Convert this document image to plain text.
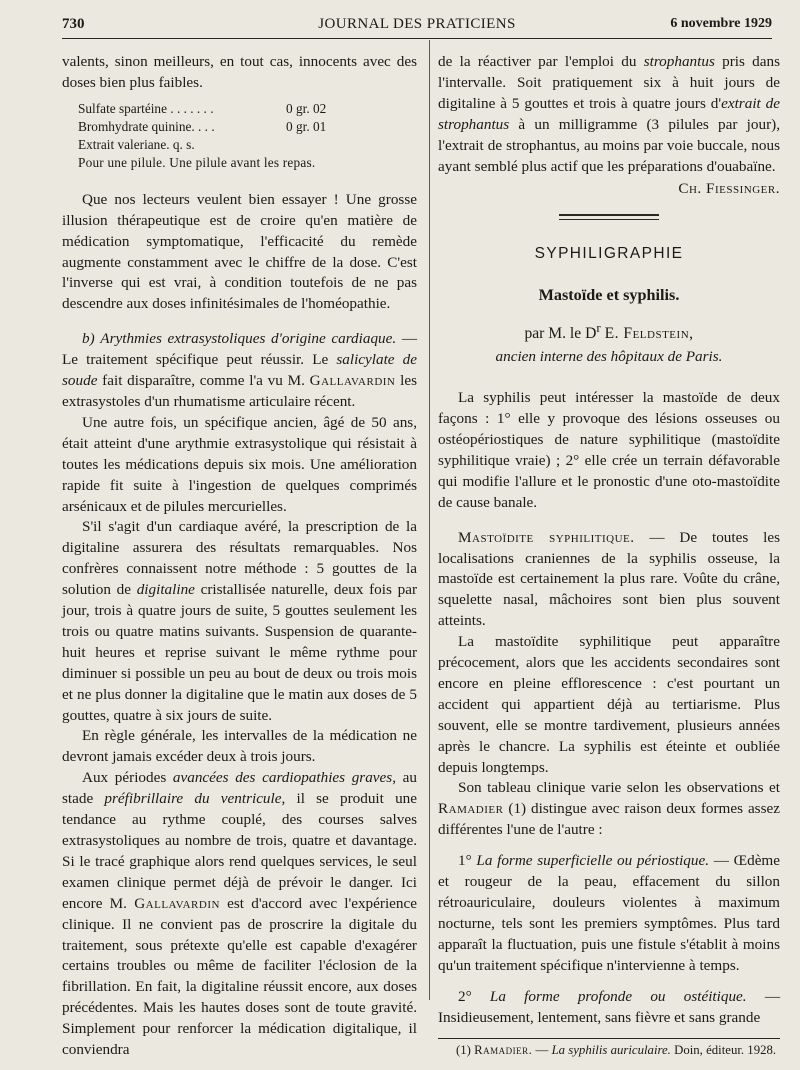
730	JOURNAL DES PRATICIENS	6 novembre 1929

valents, sinon meilleurs, en tout cas, innocents avec des doses bien plus faibles.

Sulfate spartéine . . . . . . .	0 gr. 02
Bromhydrate quinine. . . .	0 gr. 01
Extrait valeriane. q. s.
Pour une pilule. Une pilule avant les repas.

Que nos lecteurs veulent bien essayer ! Une grosse illusion thérapeutique est de croire qu'en matière de médication symptomatique, l'efficacité du remède augmente constamment avec le chiffre de la dose. C'est l'inverse qui est vrai, à condition toutefois de ne pas descendre aux doses infinitésimales de l'homéopathie.

b) Arythmies extrasystoliques d'origine cardiaque. — Le traitement spécifique peut réussir. Le salicylate de soude fait disparaître, comme l'a vu M. Gallavardin les extrasystoles d'un rhumatisme articulaire récent.

Une autre fois, un spécifique ancien, âgé de 50 ans, était atteint d'une arythmie extrasystolique qui résistait à toutes les médications depuis six mois. Une amélioration rapide fit suite à l'ingestion de quelques comprimés arsénicaux et de pilules mercurielles.

S'il s'agit d'un cardiaque avéré, la prescription de la digitaline assurera des résultats remarquables. Nos confrères connaissent notre méthode : 5 gouttes de la solution de digitaline cristallisée naturelle, deux fois par jour, trois à quatre jours de suite, 5 gouttes seulement les trois ou quatre matins suivants. Suspension de quarante-huit heures et reprise suivant le même rythme pour diminuer si possible un peu au bout de deux ou trois mois et ne plus donner la digitaline que le matin aux doses de 5 gouttes, quatre à six jours de suite.

En règle générale, les intervalles de la médication ne devront jamais excéder deux à trois jours.

Aux périodes avancées des cardiopathies graves, au stade préfibrillaire du ventricule, il se produit une tendance au rythme couplé, des courses salves extrasystoliques au nombre de trois, quatre et davantage. Si le tracé graphique alors rend quelques services, le seul examen clinique permet déjà de prévoir le danger. Ici encore M. Gallavardin est d'accord avec l'expérience clinique. Il ne convient pas de proscrire la digitale du traitement, sous prétexte qu'elle est capable d'exagérer certains troubles ou même de faciliter l'éclosion de la fibrillation. En fait, la digitaline réussit encore, aux doses précédentes. Mais les hautes doses sont de toute gravité. Simplement pour renforcer la médication digitalique, il conviendra

de la réactiver par l'emploi du strophantus pris dans l'intervalle. Soit pratiquement six à huit jours de digitaline à 5 gouttes et trois à quatre jours d'extrait de strophantus à un milligramme (3 pilules par jour), l'extrait de strophantus, au moins par voie buccale, nous ayant semblé plus actif que les préparations d'ouabaïne.

Ch. Fiessinger.
SYPHILIGRAPHIE
Mastoïde et syphilis.
par M. le $D^r$ E. Feldstein,
ancien interne des hôpitaux de Paris.

La syphilis peut intéresser la mastoïde de deux façons : 1° elle y provoque des lésions osseuses ou ostéopériostiques de nature syphilitique (mastoïdite syphilitique vraie) ; 2° elle crée un terrain défavorable qui modifie l'allure et le pronostic d'une oto-mastoïdite de cause banale.

Mastoïdite syphilitique. — De toutes les localisations craniennes de la syphilis osseuse, la mastoïde est certainement la plus rare. Voûte du crâne, squelette nasal, mâchoires sont bien plus souvent atteints.

La mastoïdite syphilitique peut apparaître précocement, alors que les accidents secondaires sont encore en pleine efflorescence : c'est pourtant un accident qui appartient déjà au tertiarisme. Plus souvent, elle se montre tardivement, plusieurs années après le chancre. La syphilis est éteinte et oubliée depuis longtemps.

Son tableau clinique varie selon les observations et Ramadier (1) distingue avec raison deux formes assez différentes l'une de l'autre :

1° La forme superficielle ou périostique. — Œdème et rougeur de la peau, effacement du sillon rétroauriculaire, douleurs violentes à maximum nocturne, tels sont les premiers symptômes. Plus tard apparaît la fluctuation, puis une fistule s'établit à moins qu'un traitement spécifique n'intervienne à temps.

2° La forme profonde ou ostéitique. — Insidieusement, lentement, sans fièvre et sans grande

(1) Ramadier. — La syphilis auriculaire. Doin, éditeur. 1928.
